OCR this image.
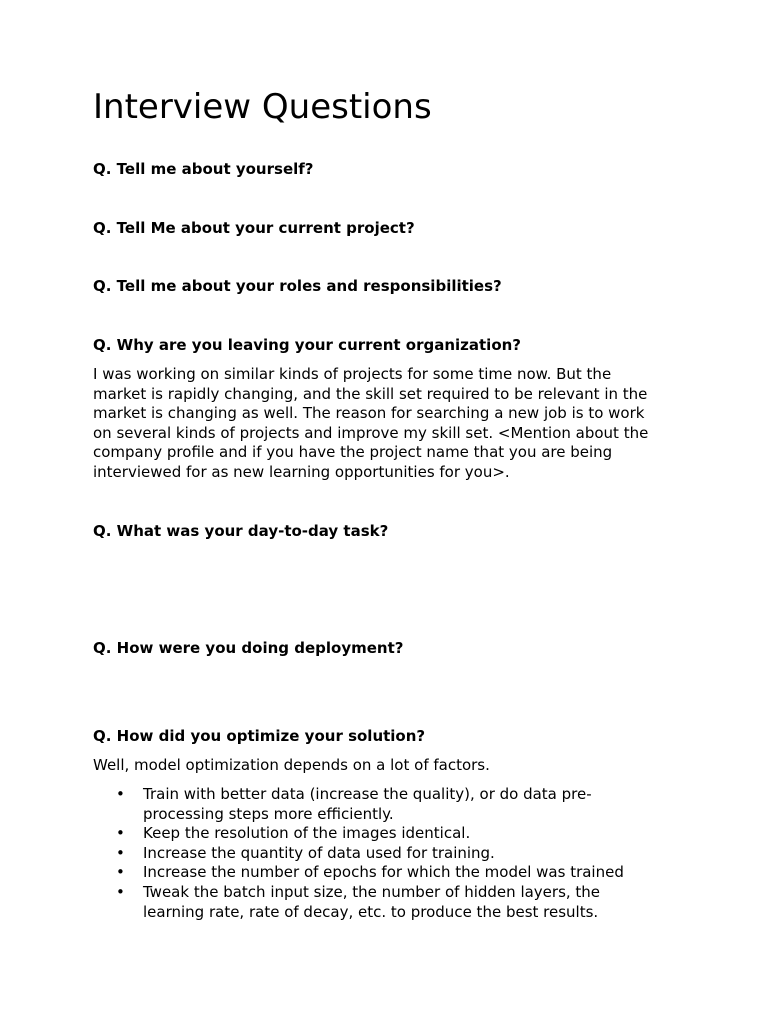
Interview Questions

Q. Tell me about yourself?

Q. Tell Me about your current project?

Q. Tell me about your roles and responsibilities?

Q. Why are you leaving your current organization?

I was working on similar kinds of projects for some time now. But the
market is rapidly changing, and the skill set required to be relevant in the
market is changing as well. The reason for searching a new job is to work
on several kinds of projects and improve my skill set. <Mention about the
company profile and if you have the project name that you are being
interviewed for as new learning opportunities for you>.

Q. What was your day-to-day task?

Q. How were you doing deployment?

Q. How did you optimize your solution?

Well, model optimization depends on a lot of factors.

• Train with better data (increase the quality), or do data pre-
processing steps more efficiently.
• Keep the resolution of the images identical.
• Increase the quantity of data used for training.
• Increase the number of epochs for which the model was trained
• Tweak the batch input size, the number of hidden layers, the
learning rate, rate of decay, etc. to produce the best results.
